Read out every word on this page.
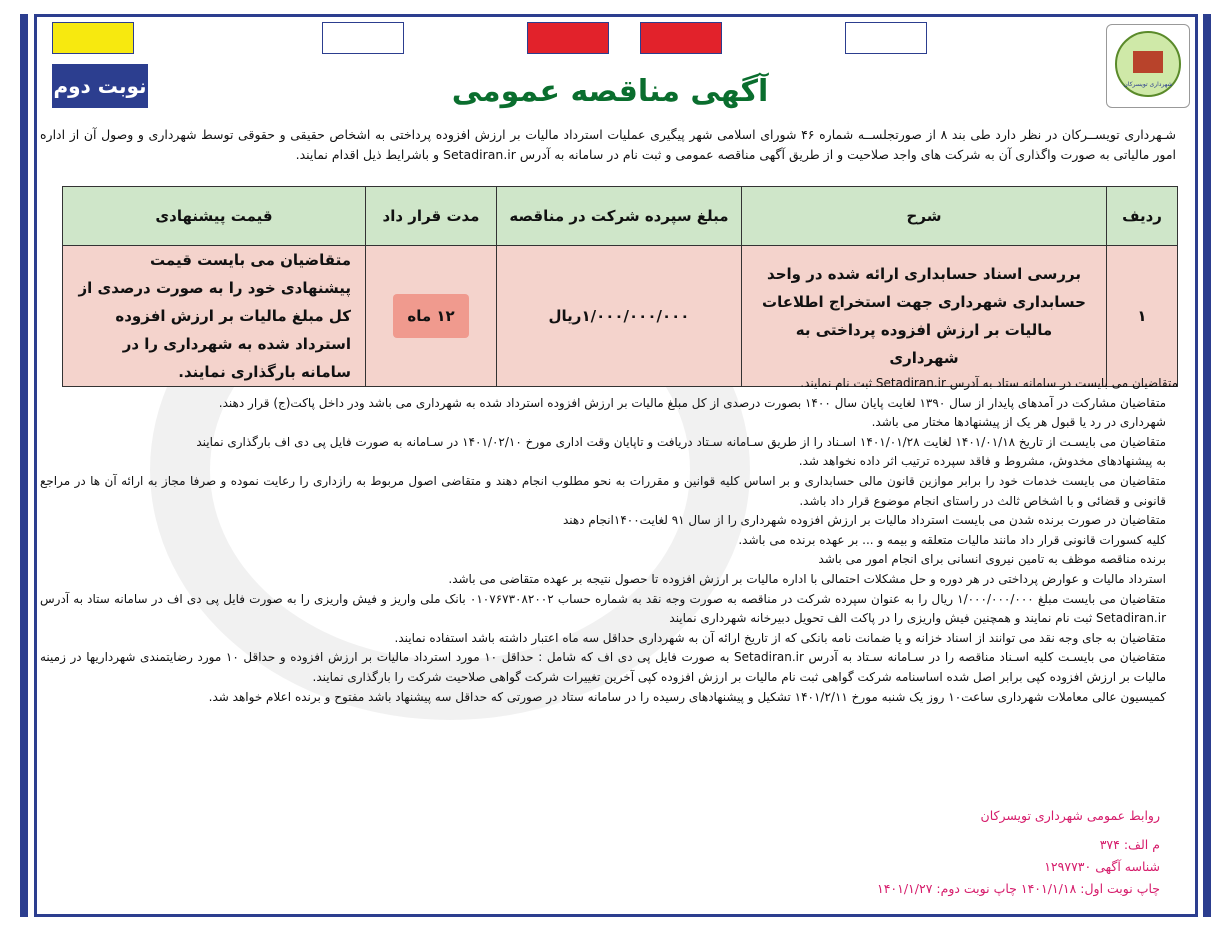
شهرداری تویسرکان
نوبت دوم	آگهی مناقصه عمومی
شـهرداری تویســرکان در نظر دارد طی بند ۸ از صورتجلســه شماره ۴۶ شورای اسلامی شهر پیگیری عملیات استرداد مالیات بر ارزش افزوده پرداختی به اشخاص حقیقی و حقوقی توسط شهرداری و وصول آن از اداره امور مالیاتی به صورت واگذاری آن به شرکت های واجد صلاحیت و از طریق آگهی مناقصه عمومی و ثبت نام در سامانه به آدرس Setadiran.ir و باشرایط ذیل اقدام نمایند.
ردیف	شرح	مبلغ سپرده شرکت در مناقصه	مدت قرار داد	قیمت پیشنهادی
۱	بررسی اسناد حسابداری ارائه شده در واحد حسابداری شهرداری جهت استخراج اطلاعات مالیات بر ارزش افزوده پرداختی به شهرداری	۱/۰۰۰/۰۰۰/۰۰۰ریال	۱۲ ماه	متقاضیان می بایست قیمت پیشنهادی خود را به صورت درصدی از کل مبلغ مالیات بر ارزش افزوده استرداد شده به شهرداری را در سامانه بارگذاری نمایند.

متقاضیان می بایست در سامانه ستاد به آدرس Setadiran.ir ثبت نام نمایند.

متقاضیان مشارکت در آمدهای پایدار از سال ۱۳۹۰ لغایت پایان سال ۱۴۰۰ بصورت درصدی از کل مبلغ مالیات بر ارزش افزوده استرداد شده به شهرداری می باشد ودر داخل پاکت(ج) قرار دهند.

شهرداری در رد یا قبول هر یک از پیشنهادها مختار می باشد.

متقاضیان می بایسـت از تاریخ ۱۴۰۱/۰۱/۱۸ لغایت ۱۴۰۱/۰۱/۲۸ اسـناد را از طریق سـامانه سـتاد دریافت و تاپایان وقت اداری مورخ ۱۴۰۱/۰۲/۱۰ در سـامانه به صورت فایل پی دی اف بارگذاری نمایند

به پیشنهادهای مخدوش، مشروط و فاقد سپرده ترتیب اثر داده نخواهد شد.

متقاضیان می بایست خدمات خود را برابر موازین قانون مالی حسابداری و بر اساس کلیه قوانین و مقررات به نحو مطلوب انجام دهند و متقاضی اصول مربوط به رازداری را رعایت نموده و صرفا مجاز به ارائه آن ها در مراجع قانونی و قضائی و با اشخاص ثالث در راستای انجام موضوع قرار داد باشد.

متقاضیان در صورت برنده شدن می بایست استرداد مالیات بر ارزش افزوده شهرداری را از سال ۹۱ لغایت۱۴۰۰انجام دهند

کلیه کسورات قانونی قرار داد مانند مالیات متعلقه و بیمه و ... بر عهده برنده می باشد.

برنده مناقصه موظف به تامین نیروی انسانی برای انجام امور می باشد

استرداد مالیات و عوارض پرداختی در هر دوره و حل مشکلات احتمالی با اداره مالیات بر ارزش افزوده تا حصول نتیجه بر عهده متقاضی می باشد.

متقاضیان می بایست مبلغ ۱/۰۰۰/۰۰۰/۰۰۰ ریال را به عنوان سپرده شرکت در مناقصه به صورت وجه نقد به شماره حساب ۰۱۰۷۶۷۳۰۸۲۰۰۲ بانک ملی واریز و فیش واریزی را به صورت فایل پی دی اف در سامانه ستاد به آدرس Setadiran.ir ثبت نام نمایند و همچنین فیش واریزی را در پاکت الف تحویل دبیرخانه شهرداری نمایند

متقاضیان به جای وجه نقد می توانند از اسناد خزانه و یا ضمانت نامه بانکی که از تاریخ ارائه آن به شهرداری حداقل سه ماه اعتبار داشته باشد استفاده نمایند.

متقاضیان می بایسـت کلیه اسـناد مناقصه را در سـامانه سـتاد به آدرس Setadiran.ir به صورت فایل پی دی اف که شامل : حداقل ۱۰ مورد استرداد مالیات بر ارزش افزوده و حداقل ۱۰ مورد رضایتمندی شهرداریها در زمینه مالیات بر ارزش افزوده کپی برابر اصل شده اساسنامه شرکت گواهی ثبت نام مالیات بر ارزش افزوده کپی آخرین تغییرات شرکت گواهی صلاحیت شرکت را بارگذاری نمایند.

کمیسیون عالی معاملات شهرداری ساعت۱۰ روز یک شنبه مورخ ۱۴۰۱/۲/۱۱ تشکیل و پیشنهادهای رسیده را در سامانه ستاد در صورتی که حداقل سه پیشنهاد باشد مفتوح و برنده اعلام خواهد شد.

روابط عمومی شهرداری تویسرکان
م الف: ۳۷۴
شناسه آگهی ۱۲۹۷۷۳۰
چاپ نوبت اول: ۱۴۰۱/۱/۱۸ چاپ نوبت دوم: ۱۴۰۱/۱/۲۷
